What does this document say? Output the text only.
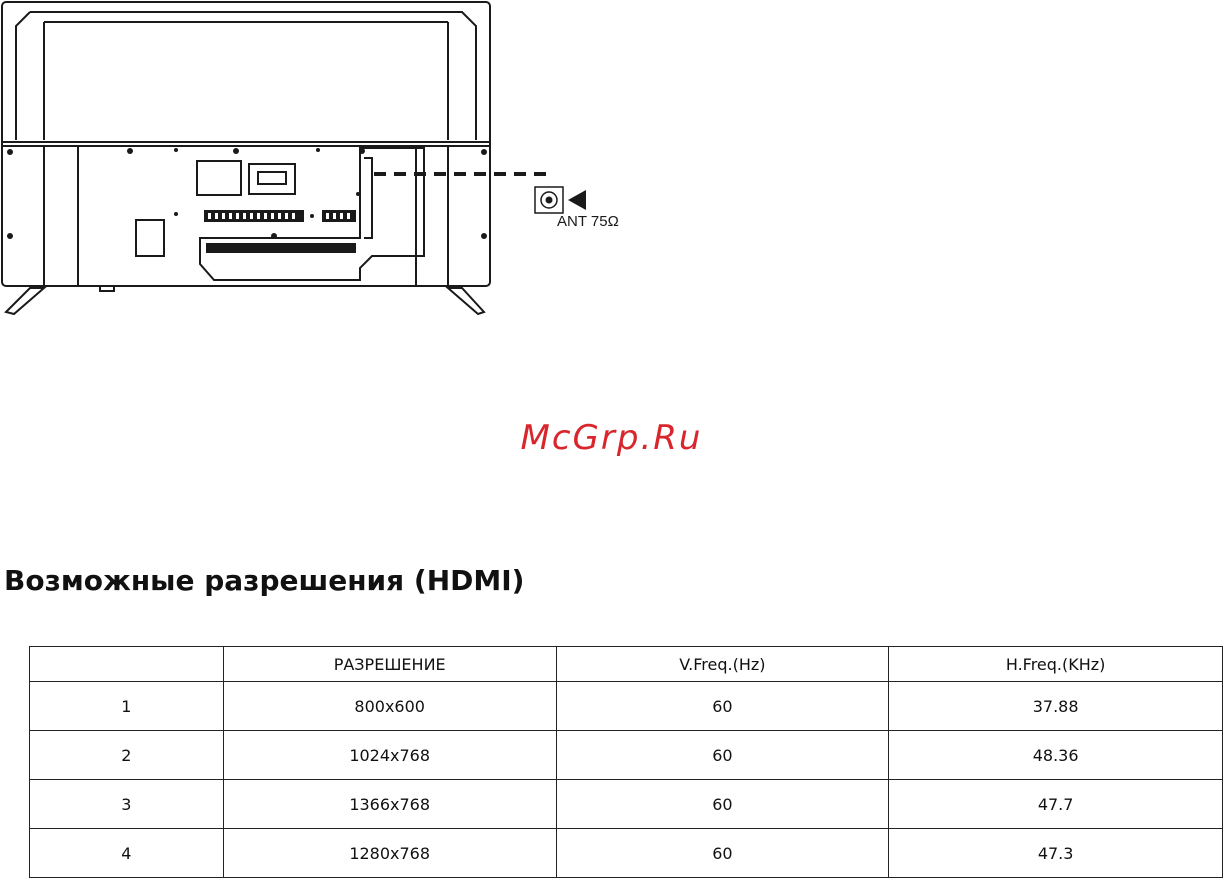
ANT 75Ω
McGrp.Ru
Возможные разрешения (HDMI)
	РАЗРЕШЕНИЕ	V.Freq.(Hz)	H.Freq.(KHz)
1	800x600	60	37.88
2	1024x768	60	48.36
3	1366x768	60	47.7
4	1280x768	60	47.3
